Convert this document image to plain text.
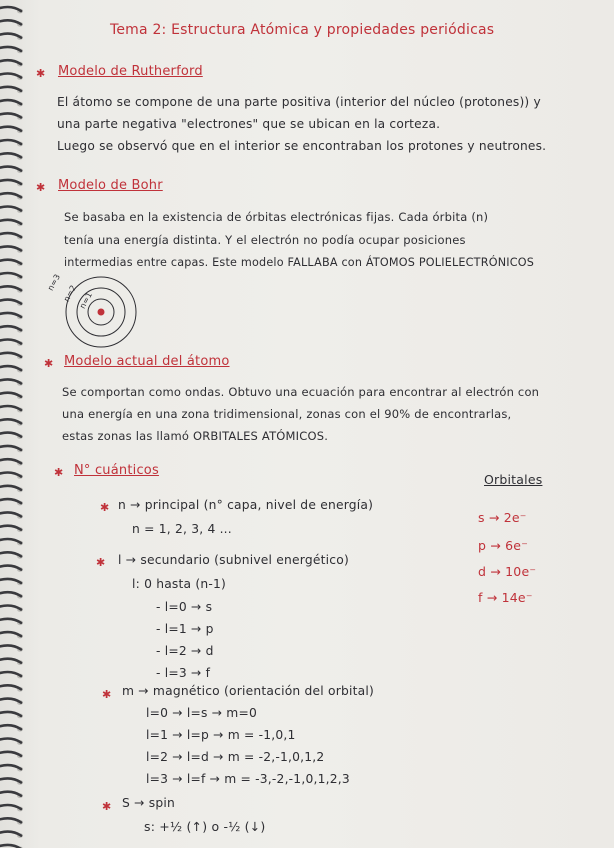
Tema 2: Estructura Atómica y propiedades periódicas
✱ Modelo de Rutherford
El átomo se compone de una parte positiva (interior del núcleo (protones)) y
una parte negativa "electrones" que se ubican en la corteza.
Luego se observó que en el interior se encontraban los protones y neutrones.
✱ Modelo de Bohr
Se basaba en la existencia de órbitas electrónicas fijas. Cada órbita (n)
tenía una energía distinta. Y el electrón no podía ocupar posiciones
intermedias entre capas. Este modelo FALLABA con ÁTOMOS POLIELECTRÓNICOS
n=3
n=2 n=1
✱ Modelo actual del átomo
Se comportan como ondas. Obtuvo una ecuación para encontrar al electrón con
una energía en una zona tridimensional, zonas con el 90% de encontrarlas,
estas zonas las llamó ORBITALES ATÓMICOS.
✱ N° cuánticos
✱ n → principal (n° capa, nivel de energía)
n = 1, 2, 3, 4 ...
✱ l → secundario (subnivel energético)
l: 0 hasta (n-1)
- l=0 → s
- l=1 → p
- l=2 → d
- l=3 → f
✱ m → magnético (orientación del orbital)
l=0 → l=s → m=0
l=1 → l=p → m = -1,0,1
l=2 → l=d → m = -2,-1,0,1,2
l=3 → l=f → m = -3,-2,-1,0,1,2,3
✱ S → spin
s: +½ (↑) o -½ (↓)
Orbitales
s → 2e⁻
p → 6e⁻
d → 10e⁻
f → 14e⁻
